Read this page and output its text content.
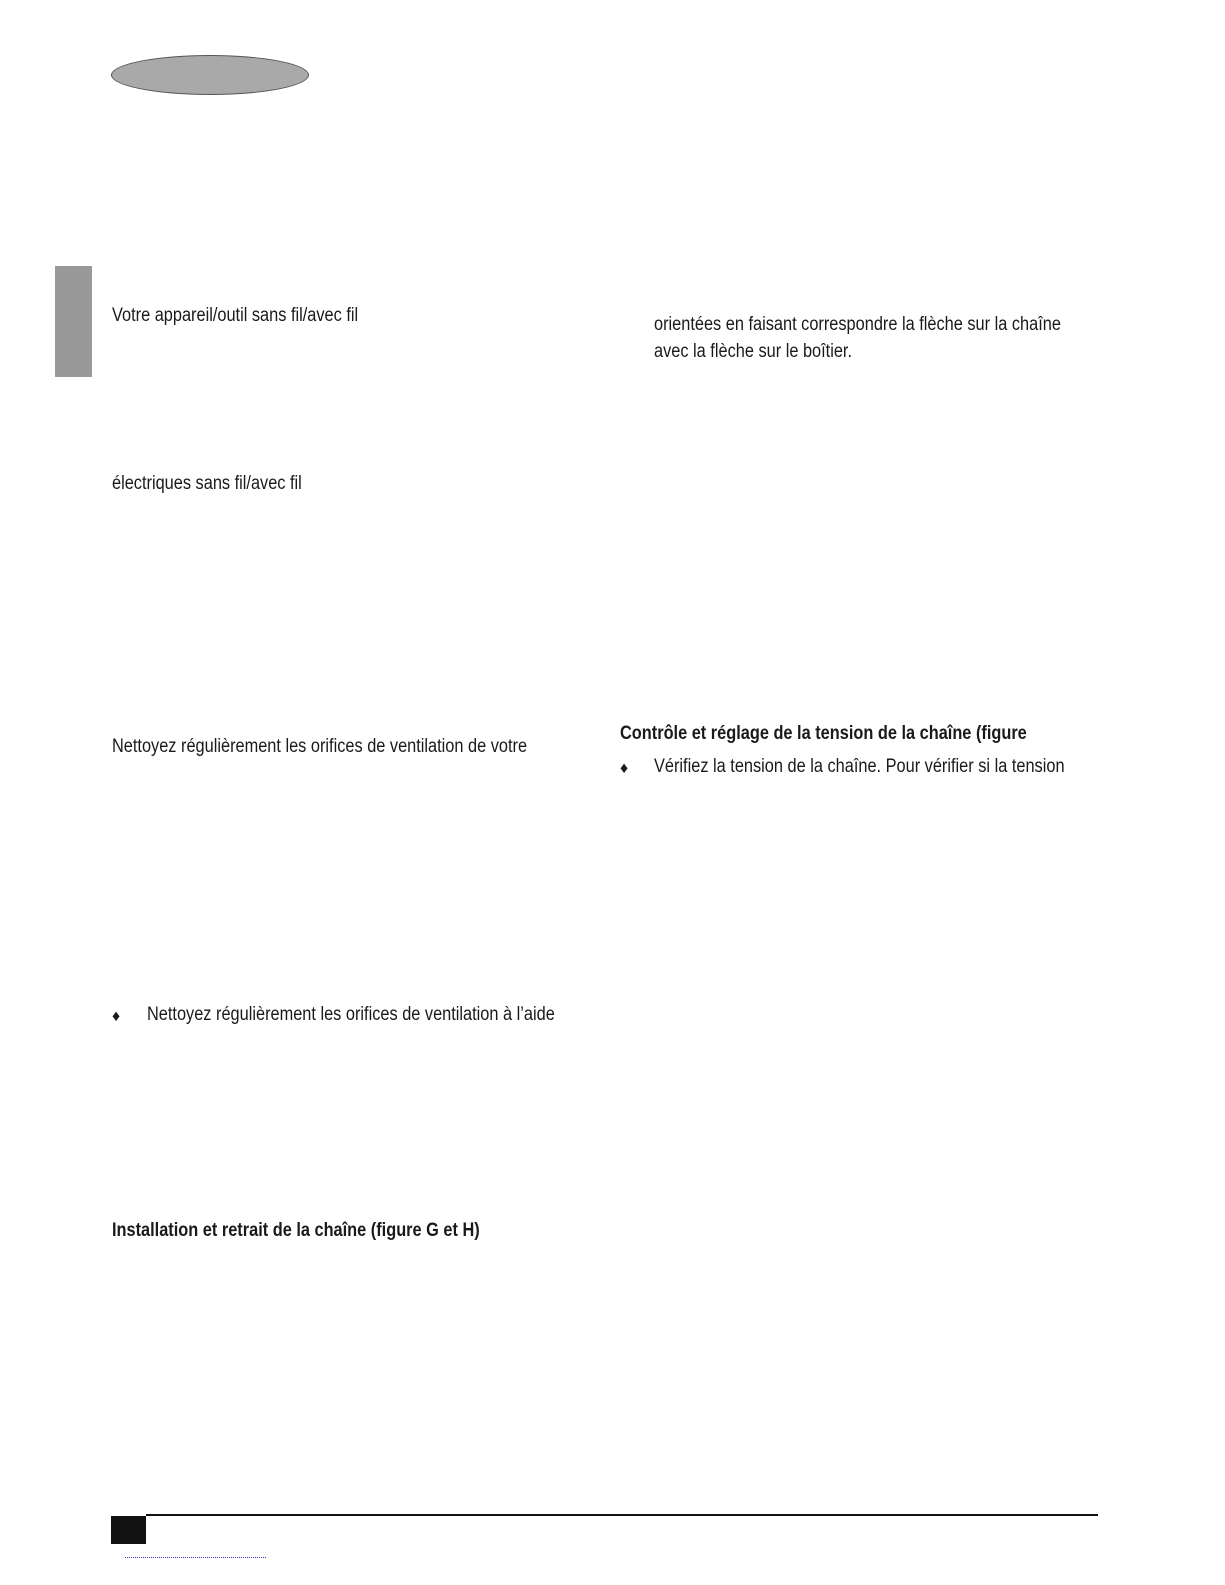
Votre appareil/outil sans fil/avec fil

électriques sans fil/avec fil

Nettoyez régulièrement les orifices de ventilation de votre

♦ Nettoyez régulièrement les orifices de ventilation à l’aide

Installation et retrait de la chaîne (figure G et H)

orientées en faisant correspondre la flèche sur la chaîne

avec la flèche sur le boîtier.

Contrôle et réglage de la tension de la chaîne (figure

♦ Vérifiez la tension de la chaîne. Pour vérifier si la tension
